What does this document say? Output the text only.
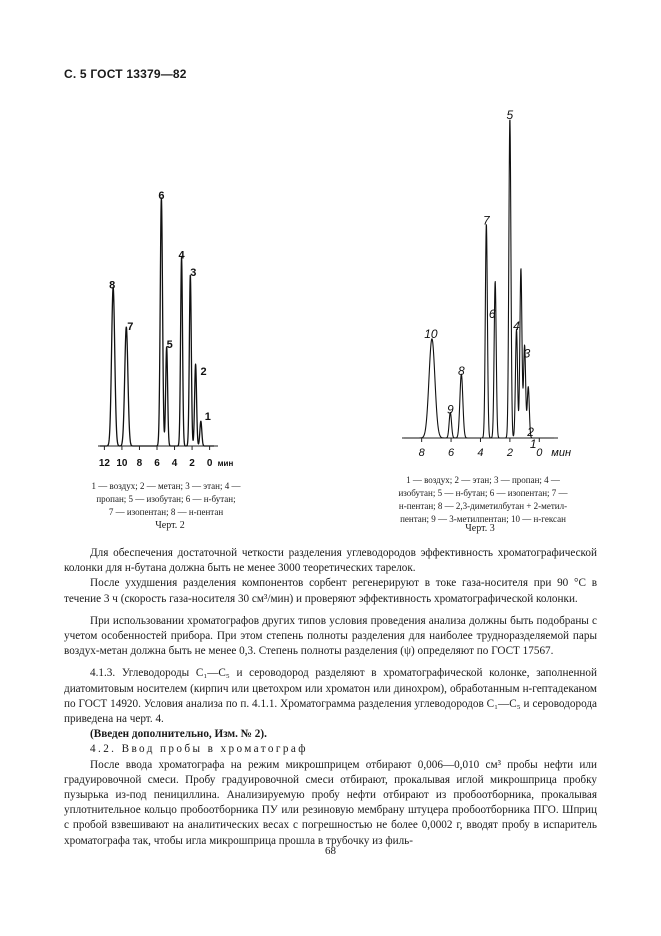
С. 5 ГОСТ 13379—82
12 10 8 6 4 2 0 мин
1
2
3
4
5
6
7
8
1 — воздух; 2 — метан; 3 — этан; 4 —
пропан; 5 — изобутан; 6 — н-бутан;
7 — изопентан; 8 — н-пентан
Черт. 2
8 6 4 2 0 мин
1
2
3
4
5
6
7
8
9
10
1 — воздух; 2 — этан; 3 — пропан; 4 —
изобутан; 5 — н-бутан; 6 — изопентан; 7 —
н-пентан; 8 — 2,3-диметилбутан + 2-метил-
пентан; 9 — 3-метилпентан; 10 — н-гексан
Черт. 3

Для обеспечения достаточной четкости разделения углеводородов эффективность хроматографической колонки для н-бутана должна быть не менее 3000 теоретических тарелок.

После ухудшения разделения компонентов сорбент регенерируют в токе газа-носителя при 90 °С в течение 3 ч (скорость газа-носителя 30 см³/мин) и проверяют эффективность хроматографической колонки.

При использовании хроматографов других типов условия проведения анализа должны быть подобраны с учетом особенностей прибора. При этом степень полноты разделения для наиболее трудноразделяемой пары воздух-метан должна быть не менее 0,3. Степень полноты разделения (ψ) определяют по ГОСТ 17567.

4.1.3. Углеводороды С₁—С₅ и сероводород разделяют в хроматографической колонке, заполненной диатомитовым носителем (кирпич или цветохром или хроматон или динохром), обработанным н-гептадеканом по ГОСТ 14920. Условия анализа по п. 4.1.1. Хроматограмма разделения углеводородов С₁—С₅ и сероводорода приведена на черт. 4.

(Введен дополнительно, Изм. № 2).

4.2. Ввод пробы в хроматограф

После ввода хроматографа на режим микрошприцем отбирают 0,006—0,010 см³ пробы нефти или градуировочной смеси. Пробу градуировочной смеси отбирают, прокалывая иглой микрошприца пробку пузырька из-под пенициллина. Анализируемую пробу нефти отбирают из пробоотборника, прокалывая уплотнительное кольцо пробоотборника ПУ или резиновую мембрану штуцера пробоотборника ПГО. Шприц с пробой взвешивают на аналитических весах с погрешностью не более 0,0002 г, вводят пробу в испаритель хроматографа так, чтобы игла микрошприца прошла в трубочку из филь-

68
